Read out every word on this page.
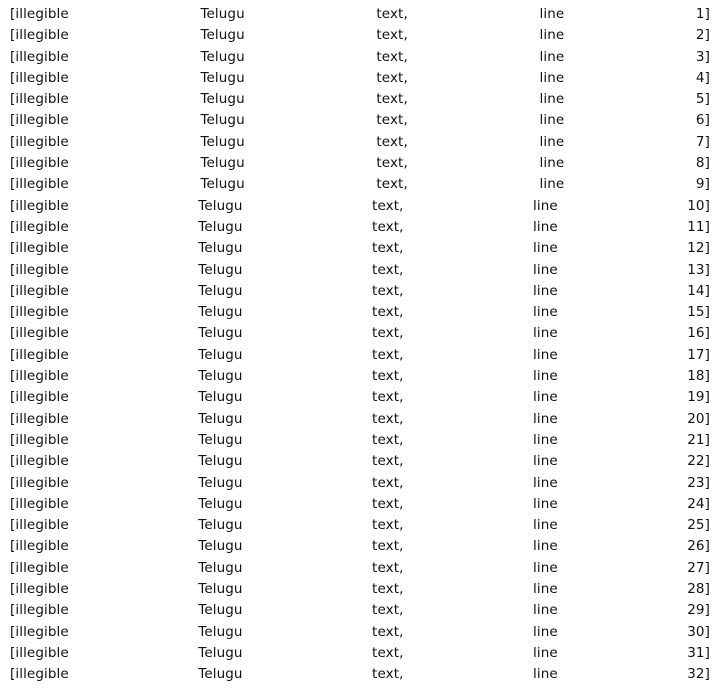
[illegible Telugu text, line 1]
[illegible Telugu text, line 2]
[illegible Telugu text, line 3]
[illegible Telugu text, line 4]
[illegible Telugu text, line 5]
[illegible Telugu text, line 6]
[illegible Telugu text, line 7]
[illegible Telugu text, line 8]
[illegible Telugu text, line 9]
[illegible Telugu text, line 10]
[illegible Telugu text, line 11]
[illegible Telugu text, line 12]
[illegible Telugu text, line 13]
[illegible Telugu text, line 14]
[illegible Telugu text, line 15]
[illegible Telugu text, line 16]
[illegible Telugu text, line 17]
[illegible Telugu text, line 18]
[illegible Telugu text, line 19]
[illegible Telugu text, line 20]
[illegible Telugu text, line 21]
[illegible Telugu text, line 22]
[illegible Telugu text, line 23]
[illegible Telugu text, line 24]
[illegible Telugu text, line 25]
[illegible Telugu text, line 26]
[illegible Telugu text, line 27]
[illegible Telugu text, line 28]
[illegible Telugu text, line 29]
[illegible Telugu text, line 30]
[illegible Telugu text, line 31]
[illegible Telugu text, line 32]
